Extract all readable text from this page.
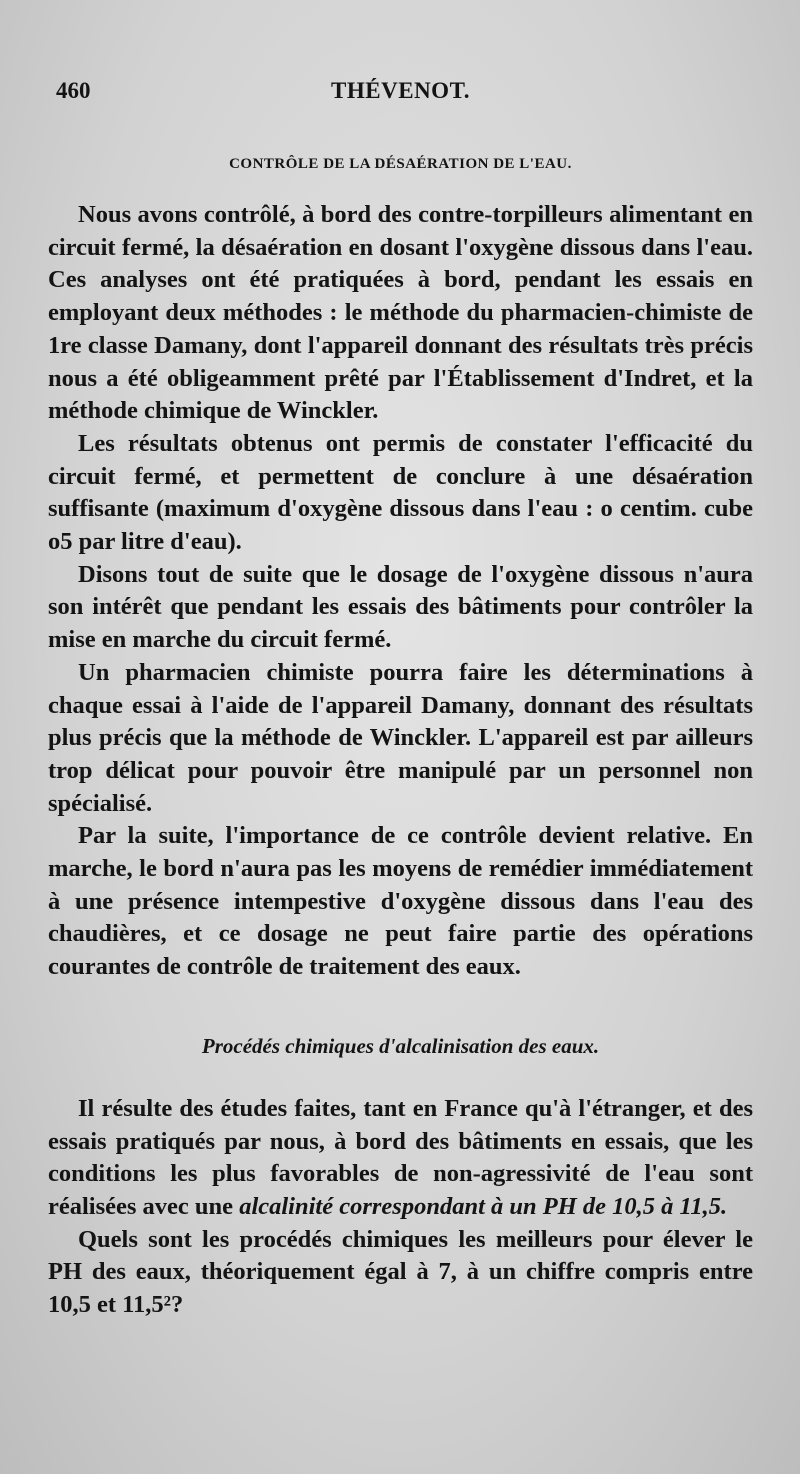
460	THÉVENOT.
CONTRÔLE DE LA DÉSAÉRATION DE L'EAU.

Nous avons contrôlé, à bord des contre-torpilleurs alimentant en circuit fermé, la désaération en dosant l'oxygène dissous dans l'eau. Ces analyses ont été pratiquées à bord, pendant les essais en employant deux méthodes : le méthode du pharmacien-chimiste de 1re classe Damany, dont l'appareil donnant des résultats très précis nous a été obligeamment prêté par l'Établissement d'Indret, et la méthode chimique de Winckler.

Les résultats obtenus ont permis de constater l'efficacité du circuit fermé, et permettent de conclure à une désaération suffisante (maximum d'oxygène dissous dans l'eau : o centim. cube o5 par litre d'eau).

Disons tout de suite que le dosage de l'oxygène dissous n'aura son intérêt que pendant les essais des bâtiments pour contrôler la mise en marche du circuit fermé.

Un pharmacien chimiste pourra faire les déterminations à chaque essai à l'aide de l'appareil Damany, donnant des résultats plus précis que la méthode de Winckler. L'appareil est par ailleurs trop délicat pour pouvoir être manipulé par un personnel non spécialisé.

Par la suite, l'importance de ce contrôle devient relative. En marche, le bord n'aura pas les moyens de remédier immédiatement à une présence intempestive d'oxygène dissous dans l'eau des chaudières, et ce dosage ne peut faire partie des opérations courantes de contrôle de traitement des eaux.

Procédés chimiques d'alcalinisation des eaux.

Il résulte des études faites, tant en France qu'à l'étranger, et des essais pratiqués par nous, à bord des bâtiments en essais, que les conditions les plus favorables de non-agressivité de l'eau sont réalisées avec une alcalinité correspondant à un PH de 10,5 à 11,5.

Quels sont les procédés chimiques les meilleurs pour élever le PH des eaux, théoriquement égal à 7, à un chiffre compris entre 10,5 et 11,5²?
